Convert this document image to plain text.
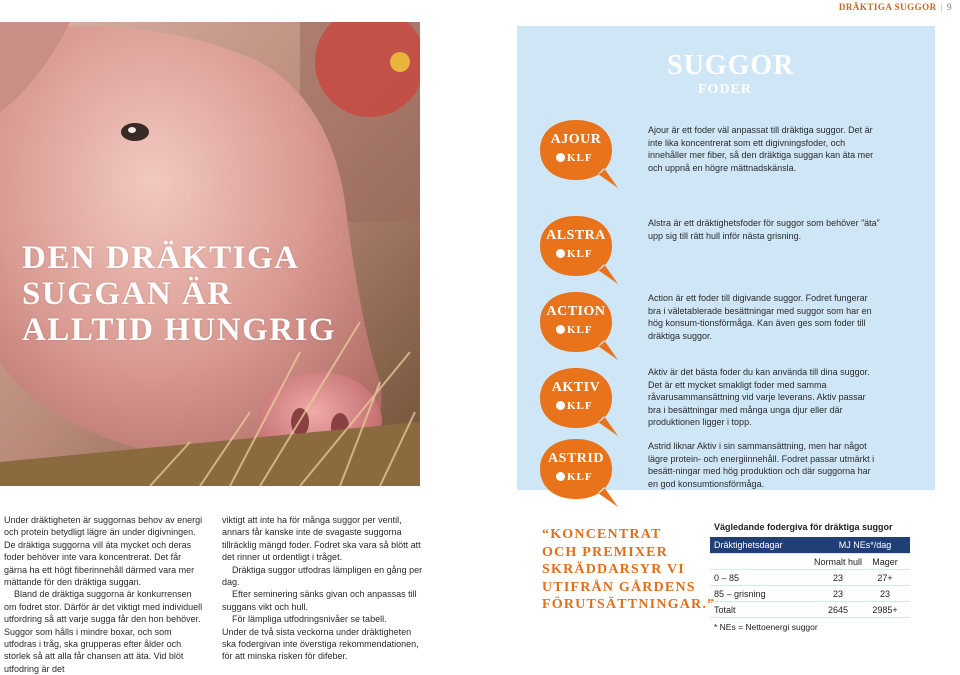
DRÄKTIGA SUGGOR | 9
DEN DRÄKTIGA
SUGGAN ÄR
ALLTID HUNGRIG
SUGGOR
FODER
AJOUR
KLF
Ajour är ett foder väl anpassat till dräktiga suggor. Det är inte lika koncentrerat som ett digivningsfoder, och innehåller mer fiber, så den dräktiga suggan kan äta mer och uppnå en högre mättnadskänsla.
ALSTRA
KLF
Alstra är ett dräktighetsfoder för suggor som behöver ”äta” upp sig till rätt hull inför nästa grisning.
ACTION
KLF
Action är ett foder till digivande suggor. Fodret fungerar bra i väletablerade besättningar med suggor som har en hög konsum-tionsförmåga. Kan även ges som foder till dräktiga suggor.
AKTIV
KLF
Aktiv är det bästa foder du kan använda till dina suggor. Det är ett mycket smakligt foder med samma råvarusammansättning vid varje leverans. Aktiv passar bra i besättningar med många unga djur eller där produktionen ligger i topp.
ASTRID
KLF
Astrid liknar Aktiv i sin sammansättning, men har något lägre protein- och energiinnehåll. Fodret passar utmärkt i besätt-ningar med hög produktion och där suggorna har en god konsumtionsförmåga.

Under dräktigheten är suggornas behov av energi och protein betydligt lägre än under digivningen. De dräktiga suggorna vill äta mycket och deras foder behöver inte vara koncentrerat. Det får gärna ha ett högt fiberinnehåll därmed vara mer mättande för den dräktiga suggan.

Bland de dräktiga suggorna är konkurrensen om fodret stor. Därför är det viktigt med individuell utfordring så att varje sugga får den hon behöver. Suggor som hålls i mindre boxar, och som utfodras i tråg, ska grupperas efter ålder och storlek så att alla får chansen att äta. Vid blöt utfodring är det

viktigt att inte ha för många suggor per ventil, annars får kanske inte de svagaste suggorna tillräcklig mängd foder. Fodret ska vara så blött att det rinner ut ordentligt i tråget.

Dräktiga suggor utfodras lämpligen en gång per dag.

Efter seminering sänks givan och anpassas till suggans vikt och hull.

För lämpliga utfodringsnivåer se tabell.

Under de två sista veckorna under dräktigheten ska fodergivan inte överstiga rekommendationen, för att minska risken för difeber.

“KONCENTRAT
OCH PREMIXER
SKRÄDDARSYR VI
UTIFRÅN GÅRDENS
FÖRUTSÄTTNINGAR.”
Vägledande fodergiva för dräktiga suggor
Dräktighetsdagar	MJ NEs*/dag
Normalt hull	Mager
0 – 85	23	27+
85 – grisning	23	23
Totalt	2645	2985+
* NEs = Nettoenergi suggor
